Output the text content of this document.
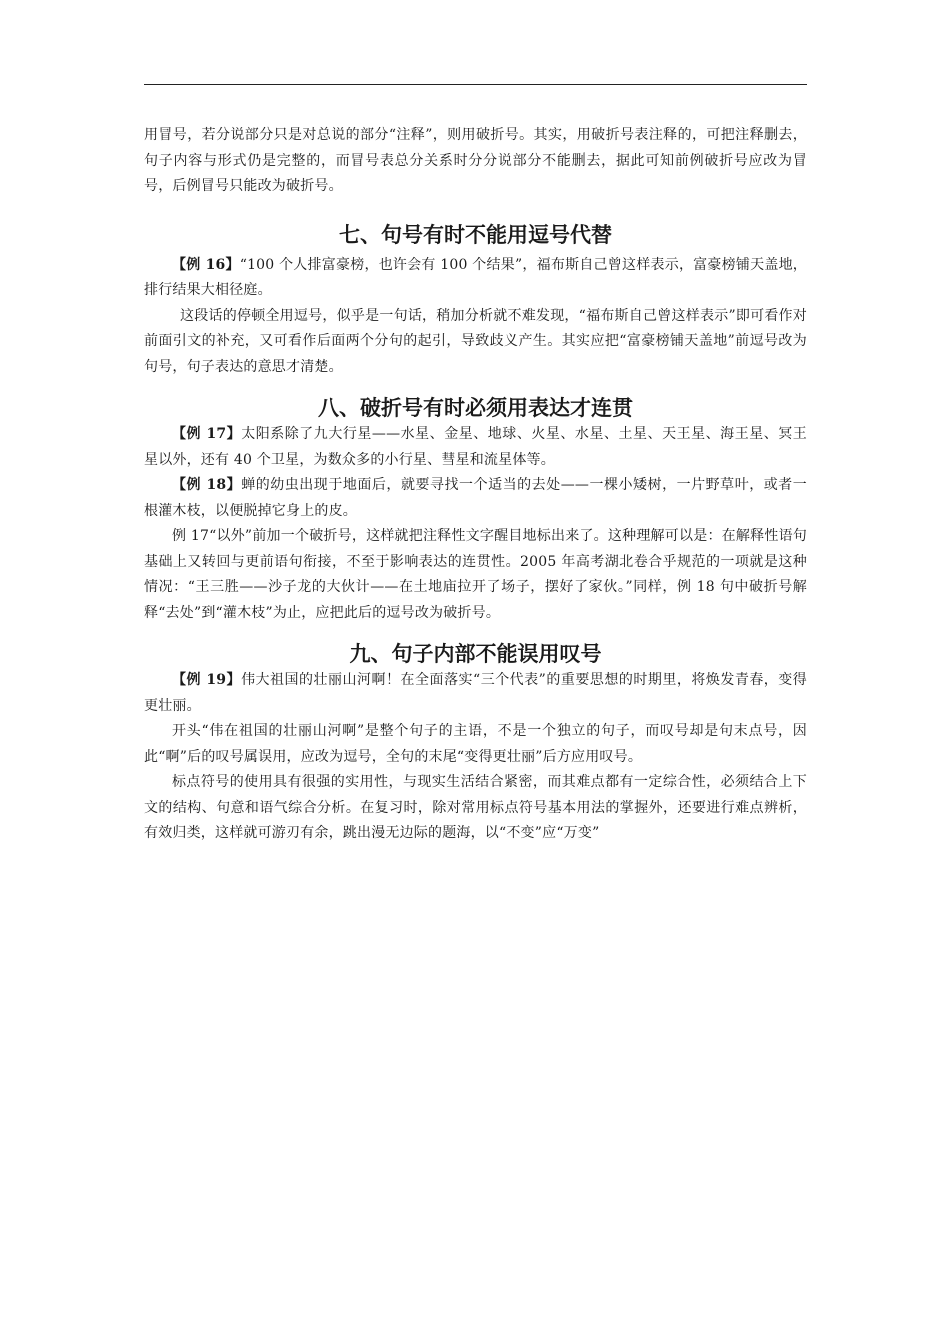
用冒号，若分说部分只是对总说的部分“注释”，则用破折号。其实，用破折号表注释的，可把注释删去，句子内容与形式仍是完整的，而冒号表总分关系时分分说部分不能删去，据此可知前例破折号应改为冒号，后例冒号只能改为破折号。

七、句号有时不能用逗号代替

【例 16】“100 个人排富豪榜，也许会有 100 个结果”，福布斯自己曾这样表示，富豪榜铺天盖地，排行结果大相径庭。

这段话的停顿全用逗号，似乎是一句话，稍加分析就不难发现，“福布斯自己曾这样表示”即可看作对前面引文的补充，又可看作后面两个分句的起引，导致歧义产生。其实应把“富豪榜铺天盖地”前逗号改为句号，句子表达的意思才清楚。

八、破折号有时必须用表达才连贯

【例 17】太阳系除了九大行星——水星、金星、地球、火星、水星、土星、天王星、海王星、冥王星以外，还有 40 个卫星，为数众多的小行星、彗星和流星体等。

【例 18】蝉的幼虫出现于地面后，就要寻找一个适当的去处——一棵小矮树，一片野草叶，或者一根灌木枝，以便脱掉它身上的皮。

例 17“以外”前加一个破折号，这样就把注释性文字醒目地标出来了。这种理解可以是：在解释性语句基础上又转回与更前语句衔接，不至于影响表达的连贯性。2005 年高考湖北卷合乎规范的一项就是这种情况：“王三胜——沙子龙的大伙计——在土地庙拉开了场子，摆好了家伙。”同样，例 18 句中破折号解释“去处”到“灌木枝”为止，应把此后的逗号改为破折号。

九、句子内部不能误用叹号

【例 19】伟大祖国的壮丽山河啊！在全面落实“三个代表”的重要思想的时期里，将焕发青春，变得更壮丽。

开头“伟在祖国的壮丽山河啊”是整个句子的主语，不是一个独立的句子，而叹号却是句末点号，因此“啊”后的叹号属误用，应改为逗号，全句的末尾“变得更壮丽”后方应用叹号。

标点符号的使用具有很强的实用性，与现实生活结合紧密，而其难点都有一定综合性，必须结合上下文的结构、句意和语气综合分析。在复习时，除对常用标点符号基本用法的掌握外，还要进行难点辨析，有效归类，这样就可游刃有余，跳出漫无边际的题海，以“不变”应“万变”
